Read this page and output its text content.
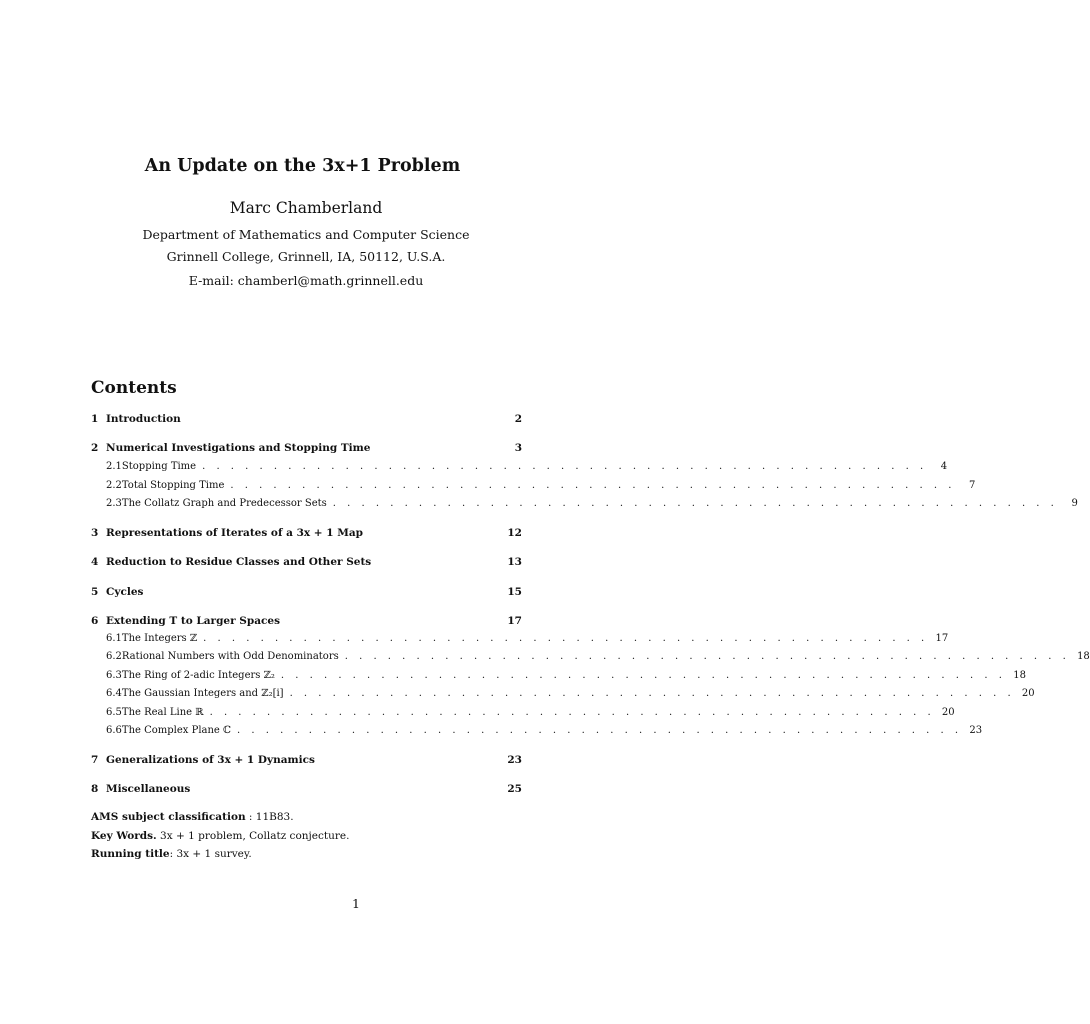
An Update on the 3x+1 Problem
Marc Chamberland
Department of Mathematics and Computer Science
Grinnell College, Grinnell, IA, 50112, U.S.A.
E-mail: chamberl@math.grinnell.edu
Contents
1 Introduction	2
2 Numerical Investigations and Stopping Time	3
2.1 Stopping Time . . . . . . . . . . . . . . . . . . . . . . . . . . . . . . . . . . . . . . . . . . . . . . . . . . .	4
2.2 Total Stopping Time . . . . . . . . . . . . . . . . . . . . . . . . . . . . . . . . . . . . . . . . . . . . . . . . . . .	7
2.3 The Collatz Graph and Predecessor Sets . . . . . . . . . . . . . . . . . . . . . . . . . . . . . . . . . . . . . . . . . . . . . . . . . . .	9
3 Representations of Iterates of a 3x + 1 Map	12
4 Reduction to Residue Classes and Other Sets	13
5 Cycles	15
6 Extending T to Larger Spaces	17
6.1 The Integers ℤ . . . . . . . . . . . . . . . . . . . . . . . . . . . . . . . . . . . . . . . . . . . . . . . . . . . 17
6.2 Rational Numbers with Odd Denominators . . . . . . . . . . . . . . . . . . . . . . . . . . . . . . . . . . . . . . . . . . . . . . . . . . . 18
6.3 The Ring of 2-adic Integers ℤ₂ . . . . . . . . . . . . . . . . . . . . . . . . . . . . . . . . . . . . . . . . . . . . . . . . . . . 18
6.4 The Gaussian Integers and ℤ₂[i] . . . . . . . . . . . . . . . . . . . . . . . . . . . . . . . . . . . . . . . . . . . . . . . . . . . 20
6.5 The Real Line ℝ . . . . . . . . . . . . . . . . . . . . . . . . . . . . . . . . . . . . . . . . . . . . . . . . . . . 20
6.6 The Complex Plane ℂ . . . . . . . . . . . . . . . . . . . . . . . . . . . . . . . . . . . . . . . . . . . . . . . . . . . 23
7 Generalizations of 3x + 1 Dynamics	23
8 Miscellaneous	25
AMS subject classification : 11B83.
Key Words. 3x + 1 problem, Collatz conjecture.
Running title: 3x + 1 survey.
1
